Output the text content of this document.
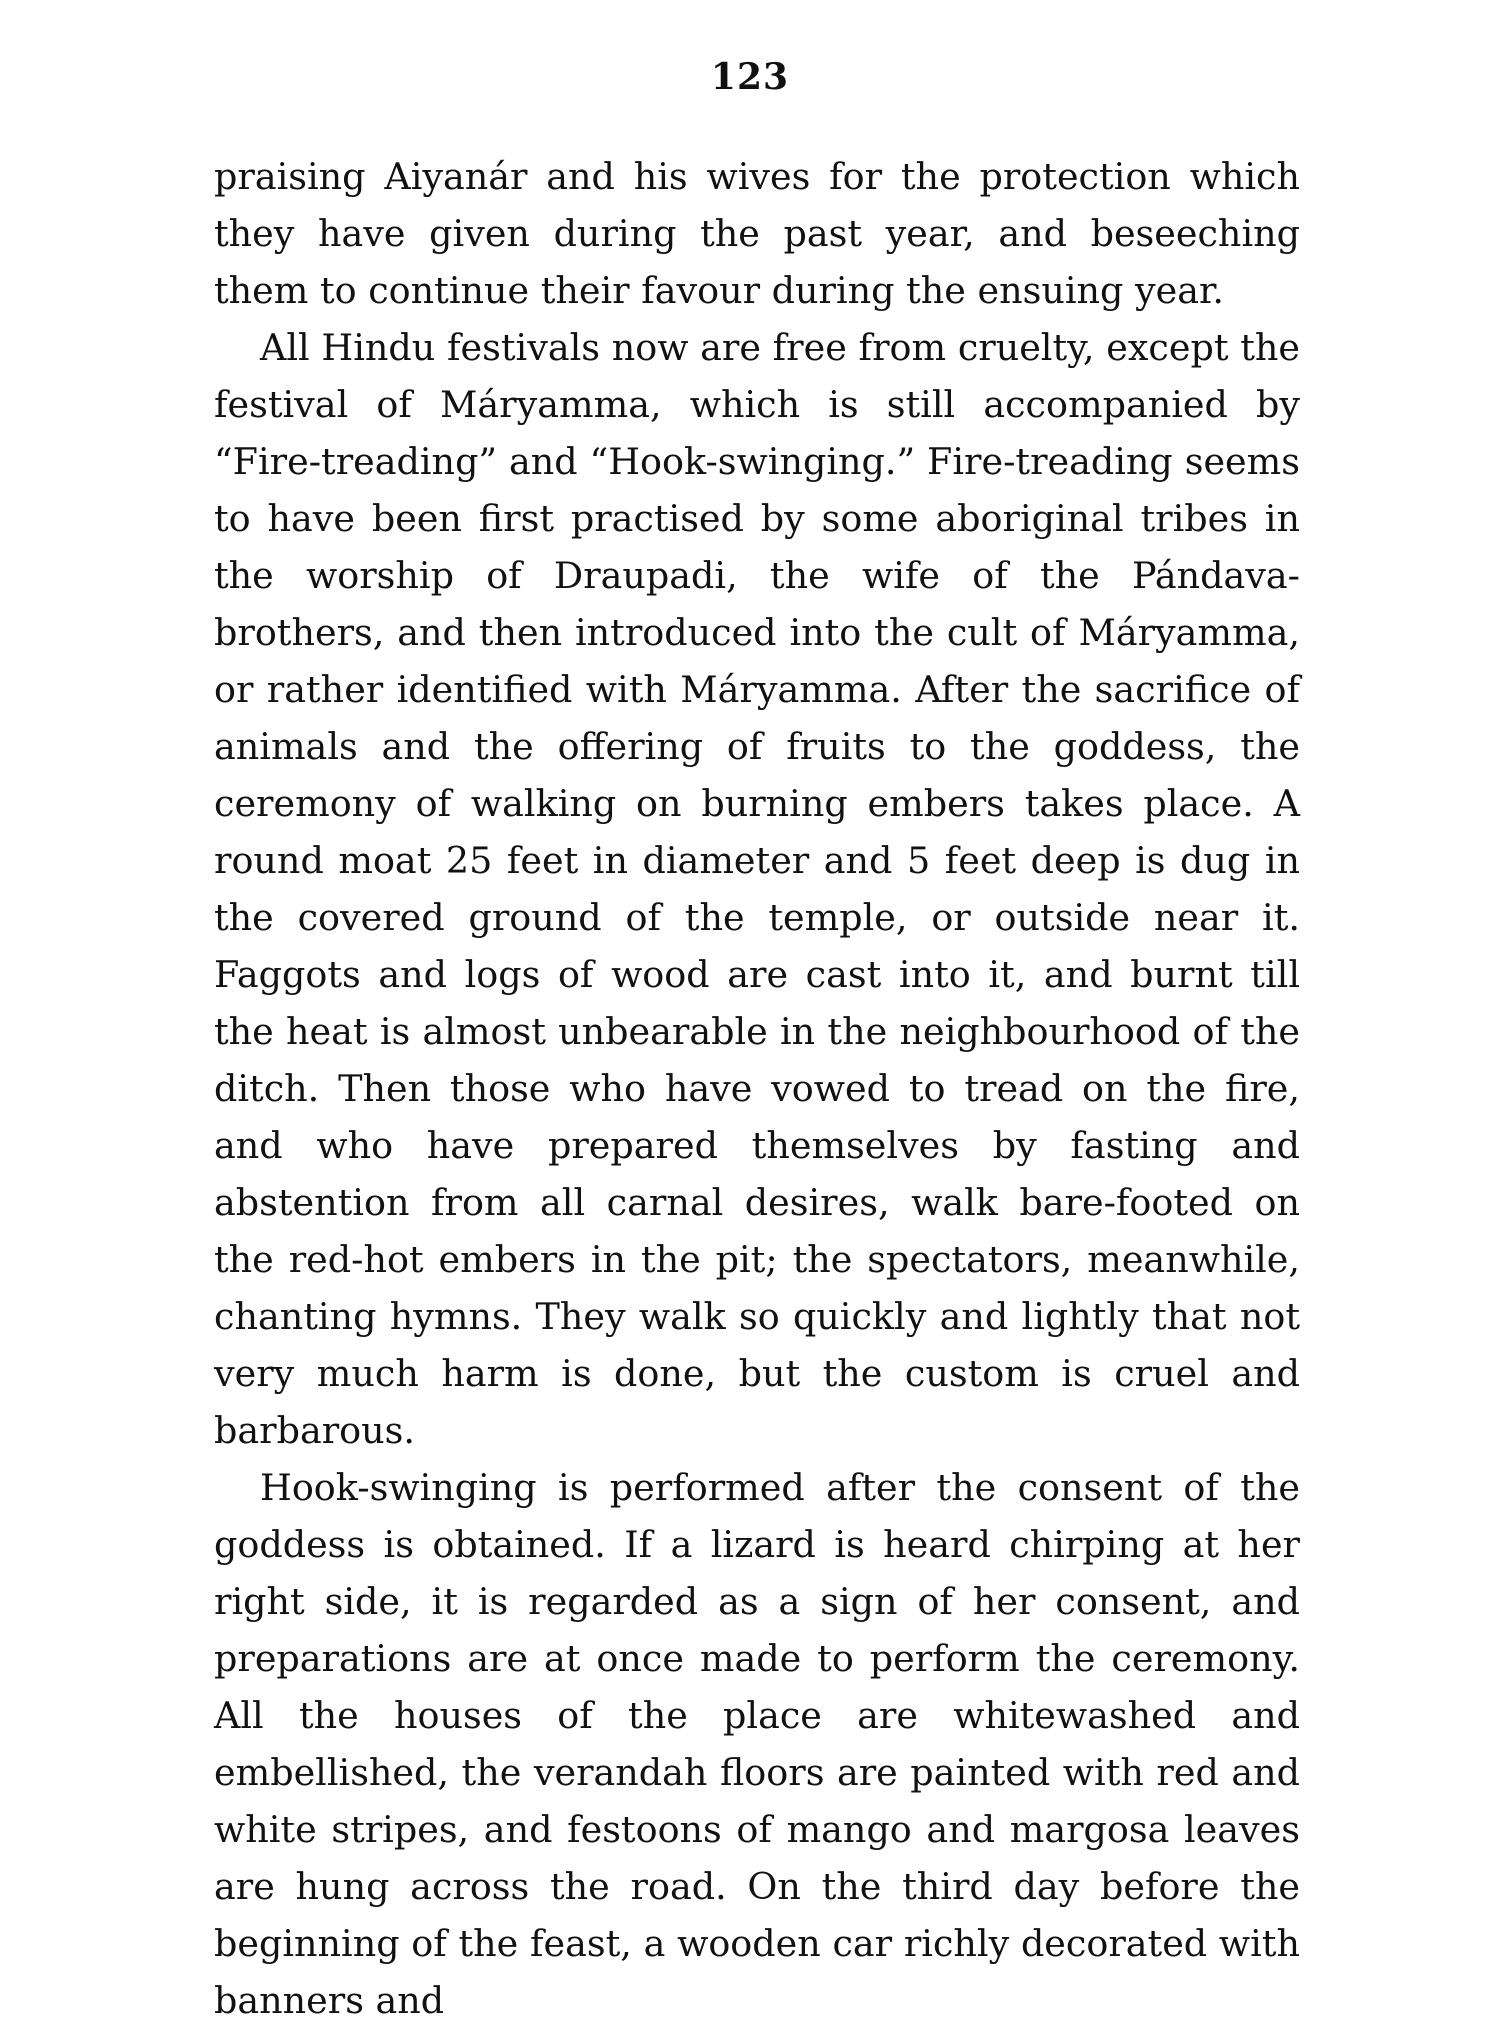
123

praising Aiyanár and his wives for the protection which they have given during the past year, and beseeching them to continue their favour during the ensuing year.

All Hindu festivals now are free from cruelty, except the festival of Máryamma, which is still accompanied by “Fire-treading” and “Hook-swinging.” Fire-treading seems to have been first practised by some aboriginal tribes in the worship of Draupadi, the wife of the Pándava-brothers, and then introduced into the cult of Máryamma, or rather identified with Máryamma. After the sacrifice of animals and the offering of fruits to the goddess, the ceremony of walking on burning embers takes place. A round moat 25 feet in diameter and 5 feet deep is dug in the covered ground of the temple, or outside near it. Faggots and logs of wood are cast into it, and burnt till the heat is almost unbearable in the neighbourhood of the ditch. Then those who have vowed to tread on the fire, and who have prepared themselves by fasting and abstention from all carnal desires, walk bare-footed on the red-hot embers in the pit; the spectators, meanwhile, chanting hymns. They walk so quickly and lightly that not very much harm is done, but the custom is cruel and barbarous.

Hook-swinging is performed after the consent of the goddess is obtained. If a lizard is heard chirping at her right side, it is regarded as a sign of her consent, and preparations are at once made to perform the ceremony. All the houses of the place are whitewashed and embellished, the verandah floors are painted with red and white stripes, and festoons of mango and margosa leaves are hung across the road. On the third day before the beginning of the feast, a wooden car richly decorated with banners and
